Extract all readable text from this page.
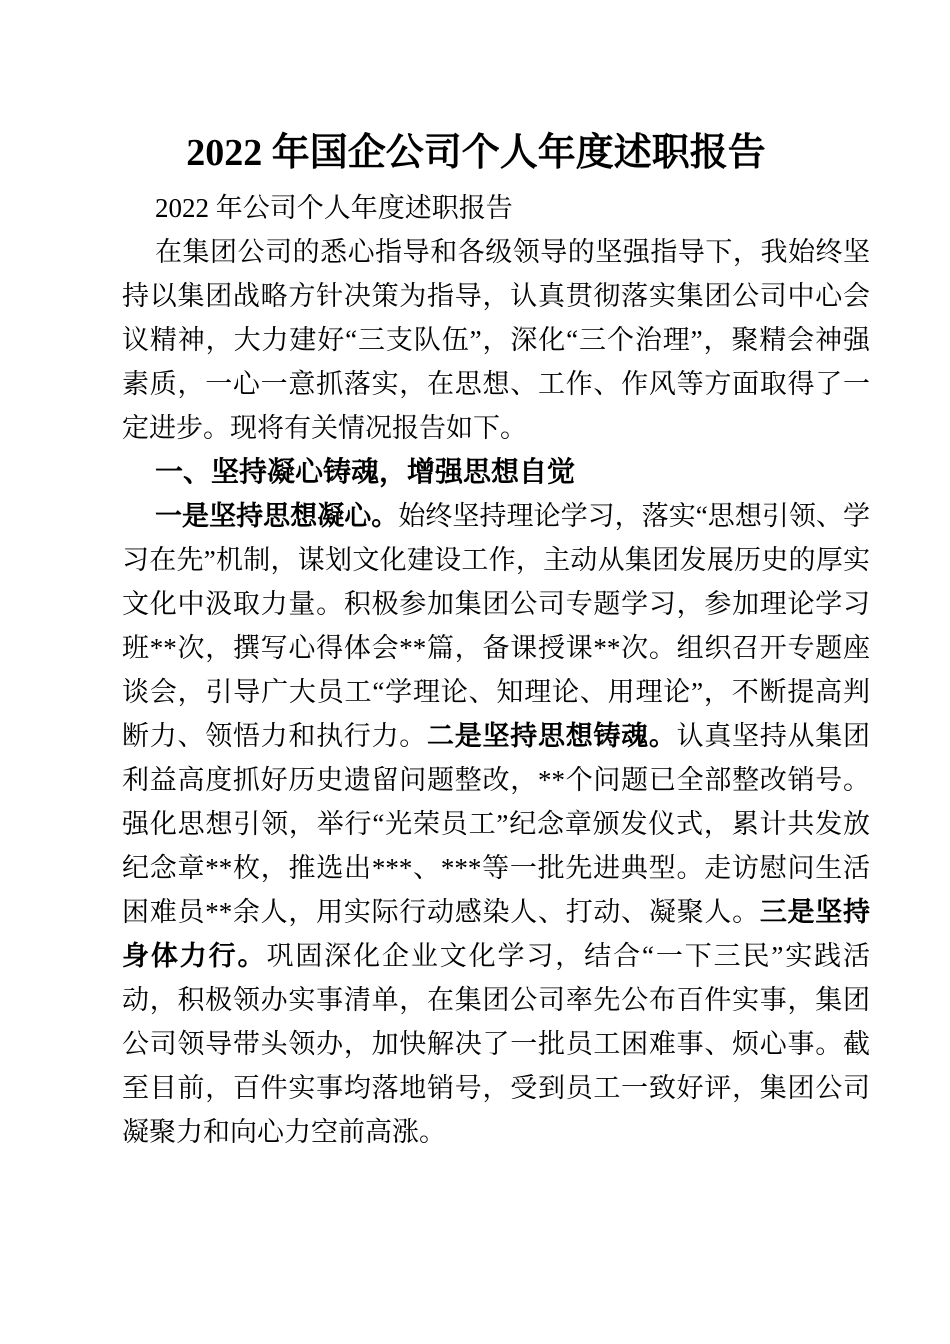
2022 年国企公司个人年度述职报告

2022 年公司个人年度述职报告

在集团公司的悉心指导和各级领导的坚强指导下，我始终坚持以集团战略方针决策为指导，认真贯彻落实集团公司中心会议精神，大力建好“三支队伍”，深化“三个治理”，聚精会神强素质，一心一意抓落实，在思想、工作、作风等方面取得了一定进步。现将有关情况报告如下。

一、坚持凝心铸魂，增强思想自觉

一是坚持思想凝心。始终坚持理论学习，落实“思想引领、学习在先”机制，谋划文化建设工作，主动从集团发展历史的厚实文化中汲取力量。积极参加集团公司专题学习，参加理论学习班**次，撰写心得体会**篇，备课授课**次。组织召开专题座谈会，引导广大员工“学理论、知理论、用理论”，不断提高判断力、领悟力和执行力。二是坚持思想铸魂。认真坚持从集团利益高度抓好历史遗留问题整改，**个问题已全部整改销号。强化思想引领，举行“光荣员工”纪念章颁发仪式，累计共发放纪念章**枚，推选出***、***等一批先进典型。走访慰问生活困难员**余人，用实际行动感染人、打动、凝聚人。三是坚持身体力行。巩固深化企业文化学习，结合“一下三民”实践活动，积极领办实事清单，在集团公司率先公布百件实事，集团公司领导带头领办，加快解决了一批员工困难事、烦心事。截至目前，百件实事均落地销号，受到员工一致好评，集团公司凝聚力和向心力空前高涨。
